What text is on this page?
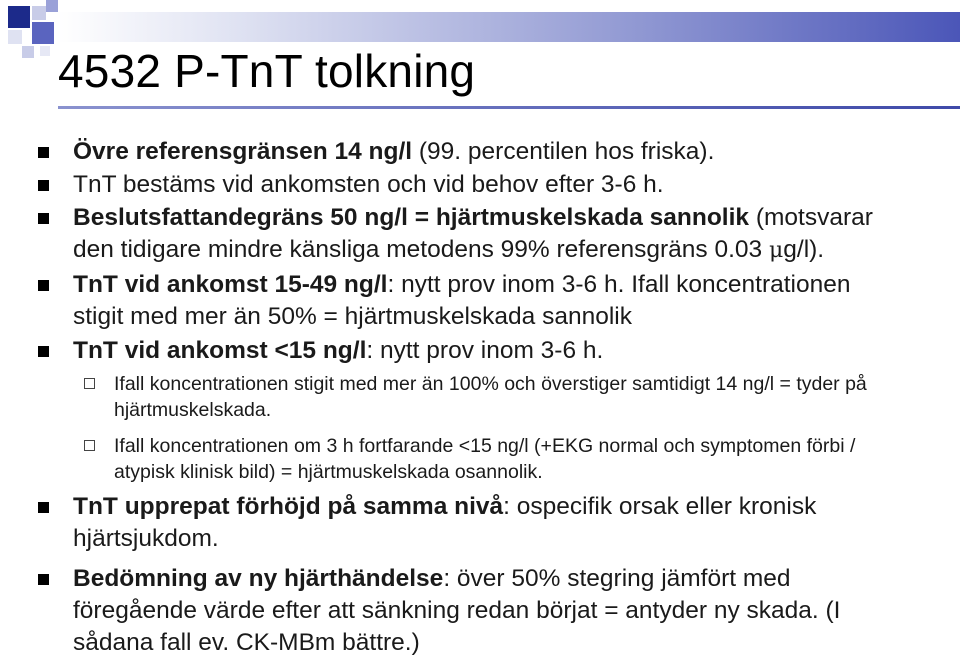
4532 P-TnT tolkning
Övre referensgränsen 14 ng/l (99. percentilen hos friska).
TnT bestäms vid ankomsten och vid behov efter 3-6 h.
Beslutsfattandegräns 50 ng/l = hjärtmuskelskada sannolik (motsvarar den tidigare mindre känsliga metodens 99% referensgräns 0.03 μg/l).
TnT vid ankomst 15-49 ng/l: nytt prov inom 3-6 h. Ifall koncentrationen stigit med mer än 50% = hjärtmuskelskada sannolik
TnT vid ankomst <15 ng/l: nytt prov inom 3-6 h.
Ifall koncentrationen stigit med mer än 100% och överstiger samtidigt 14 ng/l = tyder på hjärtmuskelskada.
Ifall koncentrationen om 3 h fortfarande <15 ng/l (+EKG normal och symptomen förbi / atypisk klinisk bild) = hjärtmuskelskada osannolik.
TnT upprepat förhöjd på samma nivå: ospecifik orsak eller kronisk hjärtsjukdom.
Bedömning av ny hjärthändelse: över 50% stegring jämfört med föregående värde efter att sänkning redan börjat = antyder ny skada. (I sådana fall ev. CK-MBm bättre.)
